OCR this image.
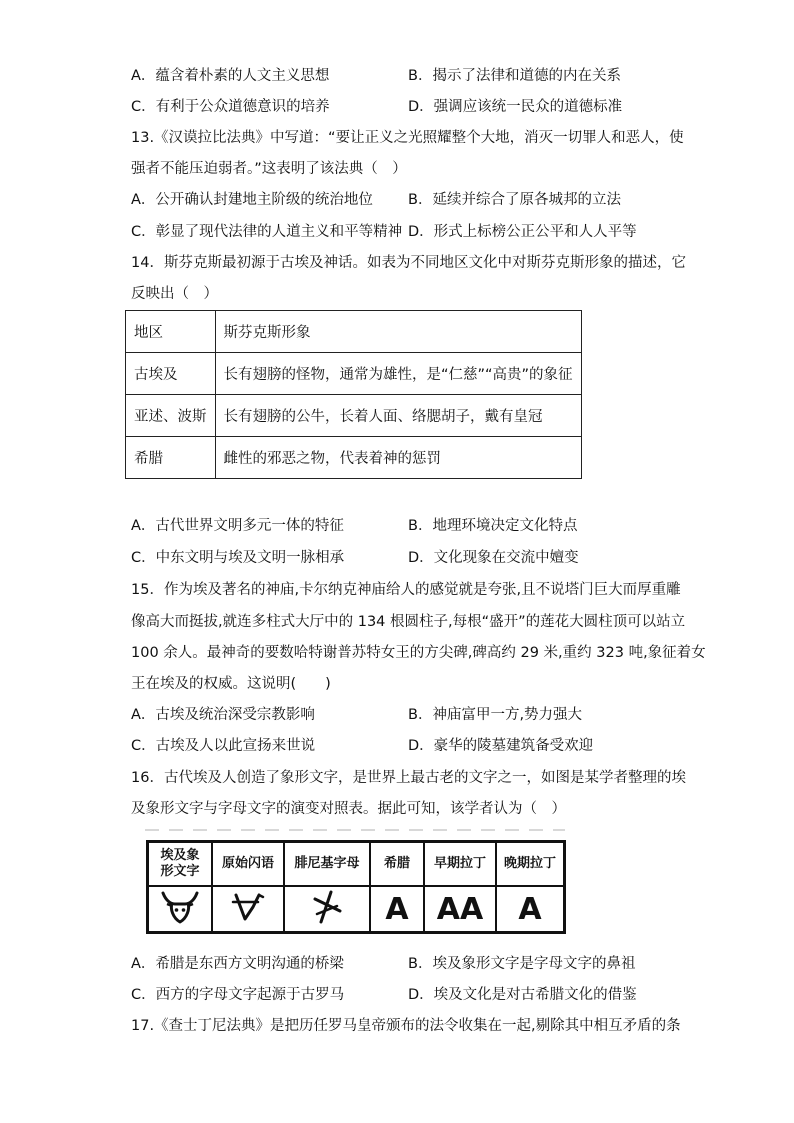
A．蕴含着朴素的人文主义思想	B．揭示了法律和道德的内在关系
C．有利于公众道德意识的培养	D．强调应该统一民众的道德标准
13.《汉谟拉比法典》中写道：“要让正义之光照耀整个大地，消灭一切罪人和恶人，使
强者不能压迫弱者。”这表明了该法典（　）
A．公开确认封建地主阶级的统治地位 B．延续并综合了原各城邦的立法
C．彰显了现代法律的人道主义和平等精神 D．形式上标榜公正公平和人人平等
14．斯芬克斯最初源于古埃及神话。如表为不同地区文化中对斯芬克斯形象的描述，它
反映出（　）
地区	斯芬克斯形象
古埃及	长有翅膀的怪物，通常为雄性，是“仁慈”“高贵”的象征
亚述、波斯	长有翅膀的公牛，长着人面、络腮胡子，戴有皇冠
希腊	雌性的邪恶之物，代表着神的惩罚
A．古代世界文明多元一体的特征	B．地理环境决定文化特点
C．中东文明与埃及文明一脉相承	D．文化现象在交流中嬗变
15．作为埃及著名的神庙,卡尔纳克神庙给人的感觉就是夸张,且不说塔门巨大而厚重雕
像高大而挺拔,就连多柱式大厅中的 134 根圆柱子,每根“盛开”的莲花大圆柱顶可以站立
100 余人。最神奇的要数哈特谢普苏特女王的方尖碑,碑高约 29 米,重约 323 吨,象征着女
王在埃及的权威。这说明(　　)
A．古埃及统治深受宗教影响	B．神庙富甲一方,势力强大
C．古埃及人以此宣扬来世说	D．豪华的陵墓建筑备受欢迎
16．古代埃及人创造了象形文字，是世界上最古老的文字之一，如图是某学者整理的埃
及象形文字与字母文字的演变对照表。据此可知，该学者认为（　）
埃及象
形文字	原始闪语	腓尼基字母	希腊	早期拉丁	晚期拉丁
			A	AA	A
A．希腊是东西方文明沟通的桥梁	B．埃及象形文字是字母文字的鼻祖
C．西方的字母文字起源于古罗马	D．埃及文化是对古希腊文化的借鉴
17.《查士丁尼法典》是把历任罗马皇帝颁布的法令收集在一起,剔除其中相互矛盾的条
